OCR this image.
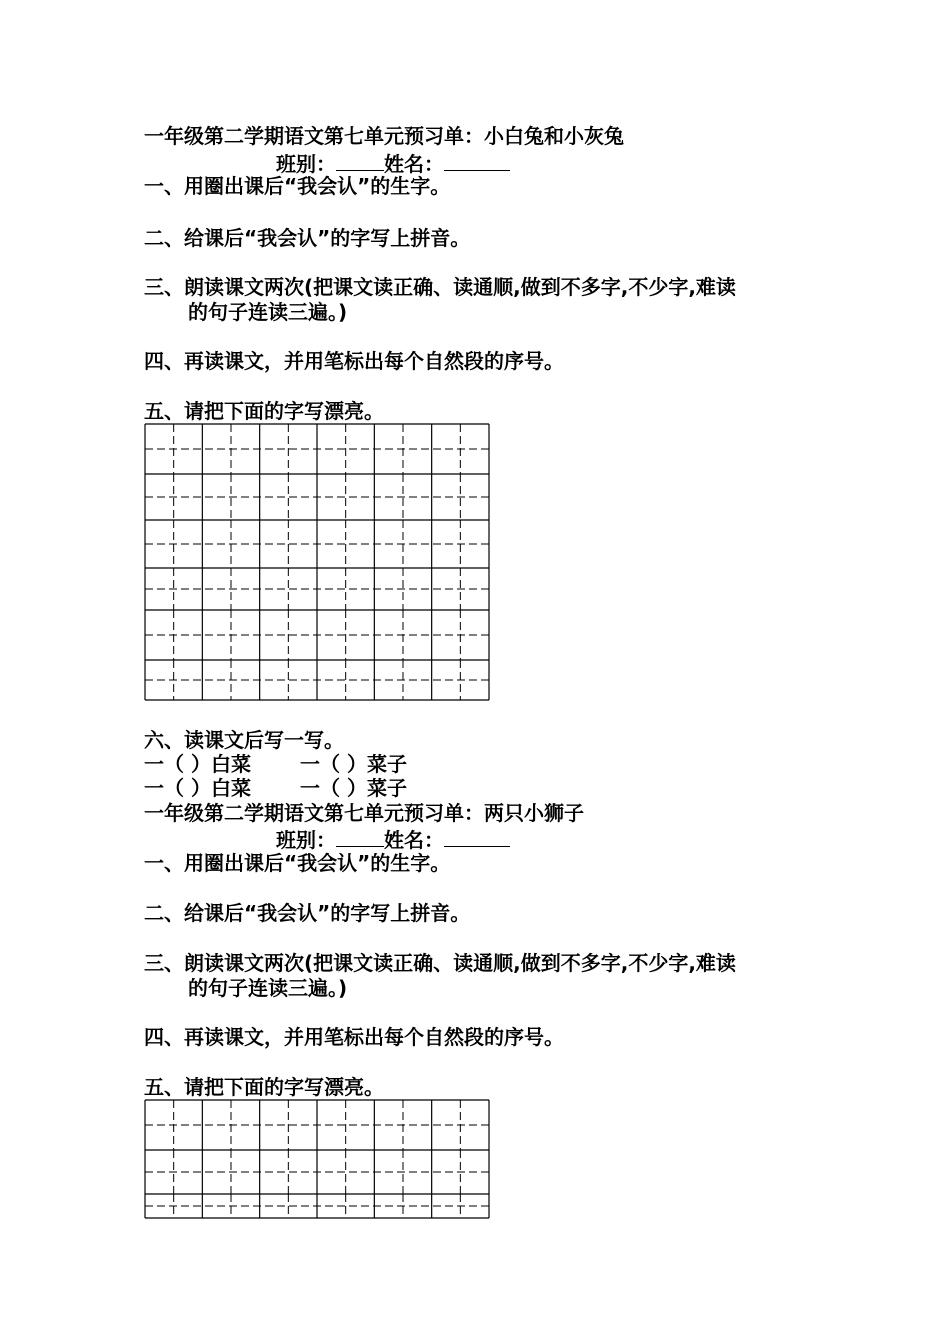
一年级第二学期语文第七单元预习单：小白兔和小灰兔
班别： 姓名：
一、用圈出课后“我会认”的生字。
二、给课后“我会认”的字写上拼音。
三、朗读课文两次(把课文读正确、读通顺,做到不多字,不少字,难读
的句子连读三遍。)
四、再读课文，并用笔标出每个自然段的序号。
五、请把下面的字写漂亮。
六、读课文后写一写。
一（ ）白菜 一（ ）菜子
一（ ）白菜 一（ ）菜子
一年级第二学期语文第七单元预习单：两只小狮子
班别： 姓名：
一、用圈出课后“我会认”的生字。
二、给课后“我会认”的字写上拼音。
三、朗读课文两次(把课文读正确、读通顺,做到不多字,不少字,难读
的句子连读三遍。)
四、再读课文，并用笔标出每个自然段的序号。
五、请把下面的字写漂亮。
